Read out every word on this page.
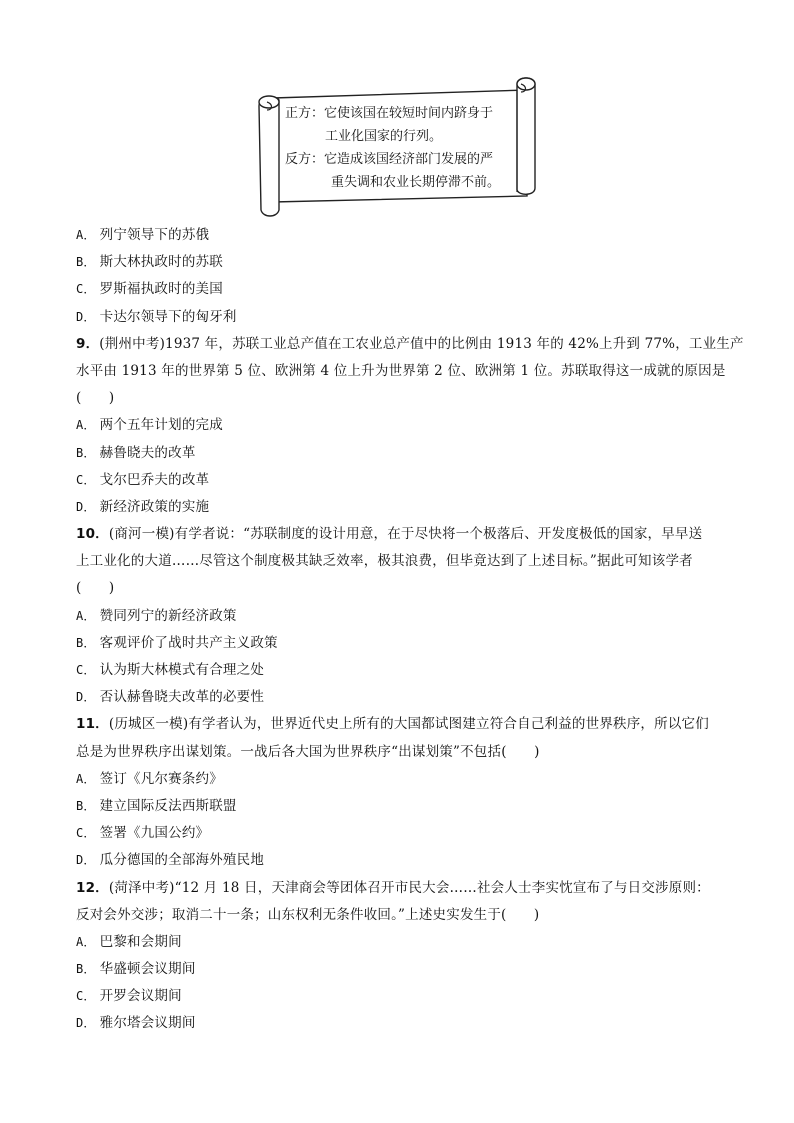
正方：它使该国在较短时间内跻身于
工业化国家的行列。
反方：它造成该国经济部门发展的严
重失调和农业长期停滞不前。
A． 列宁领导下的苏俄
B． 斯大林执政时的苏联
C． 罗斯福执政时的美国
D． 卡达尔领导下的匈牙利
9．(荆州中考)1937 年，苏联工业总产值在工农业总产值中的比例由 1913 年的 42%上升到 77%，工业生产
水平由 1913 年的世界第 5 位、欧洲第 4 位上升为世界第 2 位、欧洲第 1 位。苏联取得这一成就的原因是
(　　)
A． 两个五年计划的完成
B． 赫鲁晓夫的改革
C． 戈尔巴乔夫的改革
D． 新经济政策的实施
10．(商河一模)有学者说：“苏联制度的设计用意，在于尽快将一个极落后、开发度极低的国家，早早送
上工业化的大道……尽管这个制度极其缺乏效率，极其浪费，但毕竟达到了上述目标。”据此可知该学者
(　　)
A． 赞同列宁的新经济政策
B． 客观评价了战时共产主义政策
C． 认为斯大林模式有合理之处
D． 否认赫鲁晓夫改革的必要性
11．(历城区一模)有学者认为，世界近代史上所有的大国都试图建立符合自己利益的世界秩序，所以它们
总是为世界秩序出谋划策。一战后各大国为世界秩序“出谋划策”不包括(　　)
A． 签订《凡尔赛条约》
B． 建立国际反法西斯联盟
C． 签署《九国公约》
D． 瓜分德国的全部海外殖民地
12．(菏泽中考)“12 月 18 日，天津商会等团体召开市民大会……社会人士李实忱宣布了与日交涉原则：
反对会外交涉；取消二十一条；山东权利无条件收回。”上述史实发生于(　　)
A． 巴黎和会期间
B． 华盛顿会议期间
C． 开罗会议期间
D． 雅尔塔会议期间
